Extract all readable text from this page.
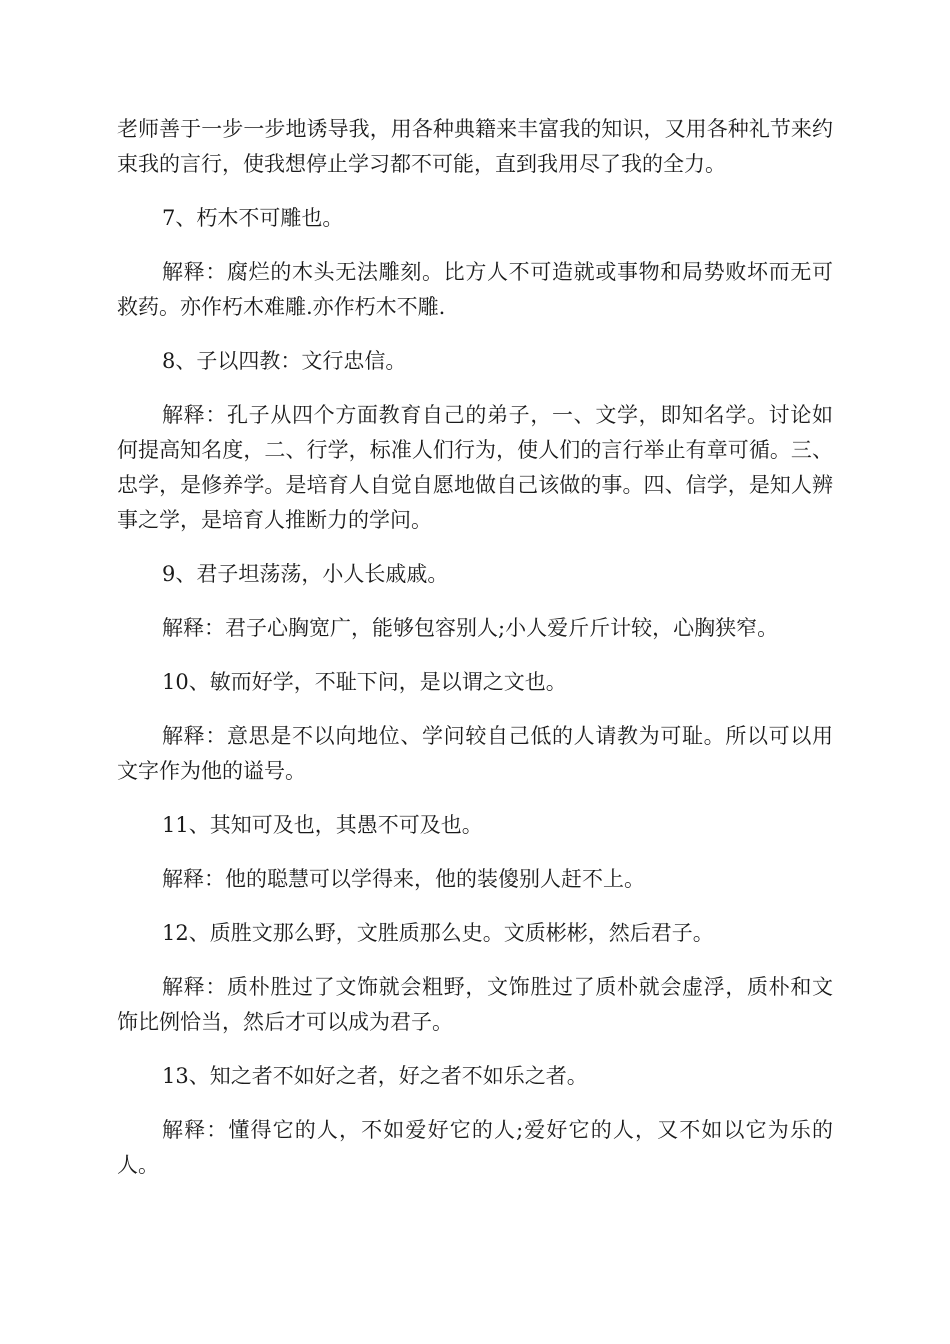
老师善于一步一步地诱导我，用各种典籍来丰富我的知识，又用各种礼节来约束我的言行，使我想停止学习都不可能，直到我用尽了我的全力。

7、朽木不可雕也。

解释：腐烂的木头无法雕刻。比方人不可造就或事物和局势败坏而无可救药。亦作朽木难雕.亦作朽木不雕.

8、子以四教：文行忠信。

解释：孔子从四个方面教育自己的弟子，一、文学，即知名学。讨论如何提高知名度，二、行学，标准人们行为，使人们的言行举止有章可循。三、忠学，是修养学。是培育人自觉自愿地做自己该做的事。四、信学，是知人辨事之学，是培育人推断力的学问。

9、君子坦荡荡，小人长戚戚。

解释：君子心胸宽广，能够包容别人;小人爱斤斤计较，心胸狭窄。

10、敏而好学，不耻下问，是以谓之文也。

解释：意思是不以向地位、学问较自己低的人请教为可耻。所以可以用文字作为他的谥号。

11、其知可及也，其愚不可及也。

解释：他的聪慧可以学得来，他的装傻别人赶不上。

12、质胜文那么野，文胜质那么史。文质彬彬，然后君子。

解释：质朴胜过了文饰就会粗野，文饰胜过了质朴就会虚浮，质朴和文饰比例恰当，然后才可以成为君子。

13、知之者不如好之者，好之者不如乐之者。

解释：懂得它的人，不如爱好它的人;爱好它的人，又不如以它为乐的人。
